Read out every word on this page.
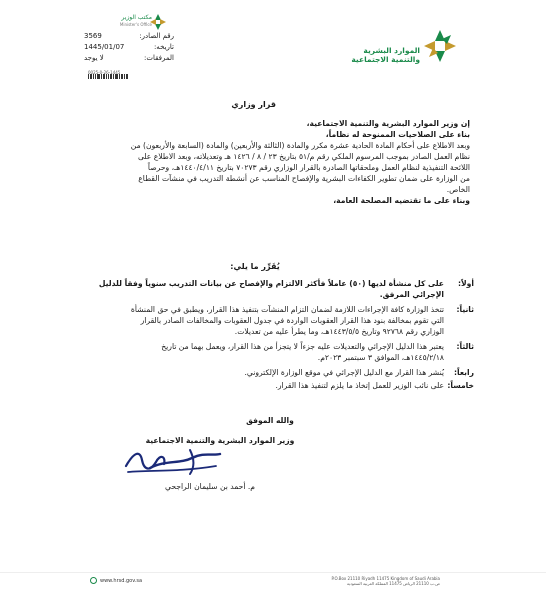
مكتب الوزير
Minister's Office
رقم الصادر:
3569
تاريخه:
1445/01/07
المرفقات:
لا يوجد
0025-0-26-1445
الموارد البشرية
والتنمية الاجتماعية
قرار وزاري
إن وزير الموارد البشرية والتنمية الاجتماعية،
بناء على الصلاحيات الممنوحة له نظاماً،
وبعد الاطلاع على أحكام المادة الحادية عشرة مكرر والمادة (الثالثة والأربعين) والمادة (السابعة والأربعون) من
نظام العمل الصادر بموجب المرسوم الملكي رقم م/٥١ بتاريخ ٢٣ / ٨ / ١٤٢٦ هـ وتعديلاته، وبعد الاطلاع على
اللائحة التنفيذية لنظام العمل وملحقاتها الصادرة بالقرار الوزاري رقم ٧٠٢٧٣ بتاريخ ١٤٤٠/٤/١١هـ، وحرصاً
من الوزارة على ضمان تطوير الكفاءات البشرية والإفصاح المناسب عن أنشطة التدريب في منشآت القطاع
الخاص.
وبناء على ما تقتضيه المصلحة العامة،
يُقَرِّر ما يلي:
أولاً:
على كل منشأة لديها (٥٠) عاملاً فأكثر الالتزام والإفصاح عن بيانات التدريب سنوياً وفقاً للدليل
الإجرائي المرفق.
ثانياً:
تتخذ الوزارة كافة الإجراءات اللازمة لضمان التزام المنشآت بتنفيذ هذا القرار، ويطبق في حق المنشأة
التي تقوم بمخالفة بنود هذا القرار العقوبات الواردة في جدول العقوبات والمخالفات الصادر بالقرار
الوزاري رقم ٩٢٧٦٨ وتاريخ ١٤٤٣/٥/٥هـ، وما يطرأ عليه من تعديلات.
ثالثاً:
يعتبر هذا الدليل الإجرائي والتعديلات عليه جزءاً لا يتجزأ من هذا القرار، ويعمل بهما من تاريخ
١٤٤٥/٢/١٨هـ، الموافق ٣ سبتمبر ٢٠٢٣م.
رابعاً:
يُنشر هذا القرار مع الدليل الإجرائي في موقع الوزارة الإلكتروني.
خامساً:
على نائب الوزير للعمل إتخاذ ما يلزم لتنفيذ هذا القرار.
والله الموفق
وزير الموارد البشرية والتنمية الاجتماعية
م. أحمد بن سليمان الراجحي
www.hrsd.gov.sa	P.O.Box 21110 Riyadh 11475 Kingdom of Saudi Arabia
ص.ب 21110 الرياض 11475 المملكة العربية السعودية
